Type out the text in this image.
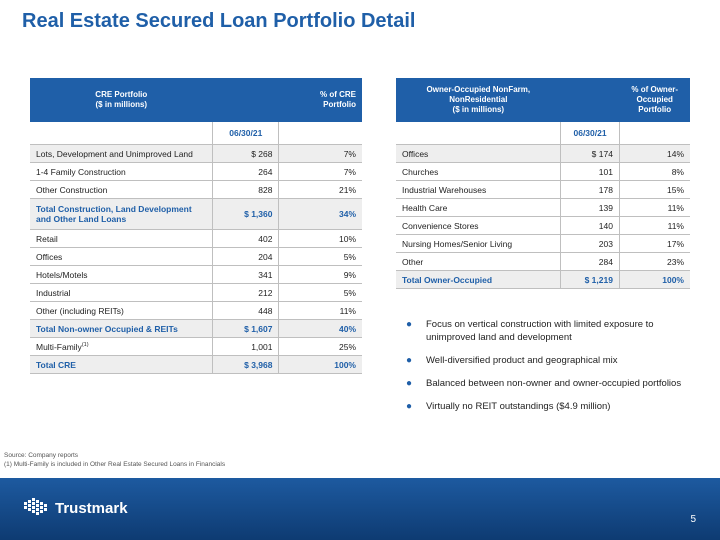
Real Estate Secured Loan Portfolio Detail
CRE Portfolio
($ in millions)		% of CRE
Portfolio
	06/30/21	
Lots, Development and Unimproved Land	$ 268	7%
1-4 Family Construction	264	7%
Other Construction	828	21%
Total Construction, Land Development and Other Land Loans	$ 1,360	34%
Retail	402	10%
Offices	204	5%
Hotels/Motels	341	9%
Industrial	212	5%
Other (including REITs)	448	11%
Total Non-owner Occupied & REITs	$ 1,607	40%
Multi-Family$^{(1)}$	1,001	25%
Total CRE	$ 3,968	100%
Owner-Occupied NonFarm,
NonResidential
($ in millions)		% of Owner-
Occupied
Portfolio
	06/30/21	
Offices	$ 174	14%
Churches	101	8%
Industrial Warehouses	178	15%
Health Care	139	11%
Convenience Stores	140	11%
Nursing Homes/Senior Living	203	17%
Other	284	23%
Total Owner-Occupied	$ 1,219	100%
● Focus on vertical construction with limited exposure to unimproved land and development
● Well-diversified product and geographical mix
● Balanced between non-owner and owner-occupied portfolios
● Virtually no REIT outstandings ($4.9 million)
Source: Company reports
(1) Multi-Family is included in Other Real Estate Secured Loans in Financials
Trustmark
5
